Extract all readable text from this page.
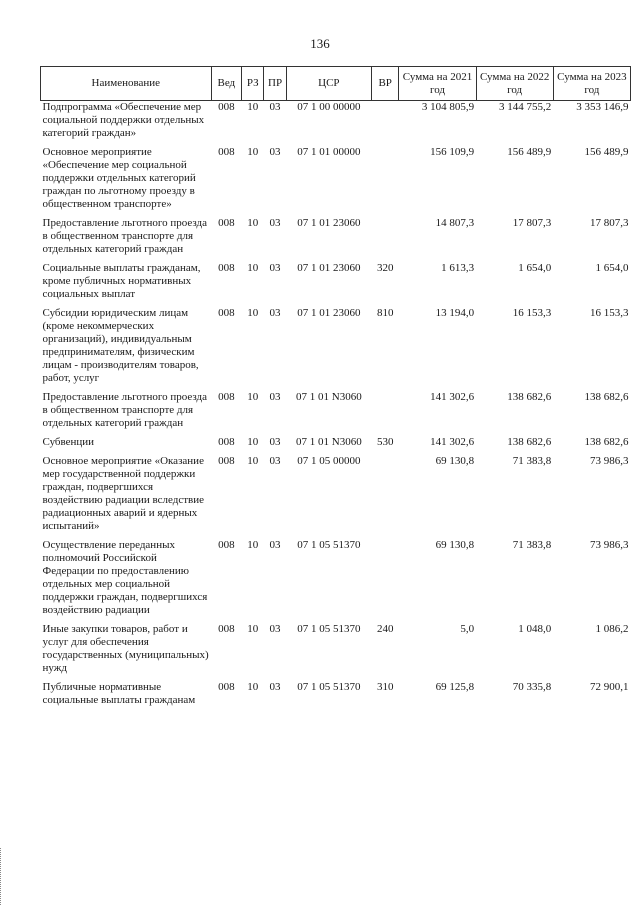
136
Наименование	Вед	РЗ	ПР	ЦСР	ВР	Сумма на 2021 год	Сумма на 2022 год	Сумма на 2023 год
Подпрограмма «Обеспечение мер социальной поддержки отдельных категорий граждан»	008	10	03	07 1 00 00000		3 104 805,9	3 144 755,2	3 353 146,9
Основное мероприятие «Обеспечение мер социальной поддержки отдельных категорий граждан по льготному проезду в общественном транспорте»	008	10	03	07 1 01 00000		156 109,9	156 489,9	156 489,9
Предоставление льготного проезда в общественном транспорте для отдельных категорий граждан	008	10	03	07 1 01 23060		14 807,3	17 807,3	17 807,3
Социальные выплаты гражданам, кроме публичных нормативных социальных выплат	008	10	03	07 1 01 23060	320	1 613,3	1 654,0	1 654,0
Субсидии юридическим лицам (кроме некоммерческих организаций), индивидуальным предпринимателям, физическим лицам - производителям товаров, работ, услуг	008	10	03	07 1 01 23060	810	13 194,0	16 153,3	16 153,3
Предоставление льготного проезда в общественном транспорте для отдельных категорий граждан	008	10	03	07 1 01 N3060		141 302,6	138 682,6	138 682,6
Субвенции	008	10	03	07 1 01 N3060	530	141 302,6	138 682,6	138 682,6
Основное мероприятие «Оказание мер государственной поддержки граждан, подвергшихся воздействию радиации вследствие радиационных аварий и ядерных испытаний»	008	10	03	07 1 05 00000		69 130,8	71 383,8	73 986,3
Осуществление переданных полномочий Российской Федерации по предоставлению отдельных мер социальной поддержки граждан, подвергшихся воздействию радиации	008	10	03	07 1 05 51370		69 130,8	71 383,8	73 986,3
Иные закупки товаров, работ и услуг для обеспечения государственных (муниципальных) нужд	008	10	03	07 1 05 51370	240	5,0	1 048,0	1 086,2
Публичные нормативные социальные выплаты гражданам	008	10	03	07 1 05 51370	310	69 125,8	70 335,8	72 900,1
